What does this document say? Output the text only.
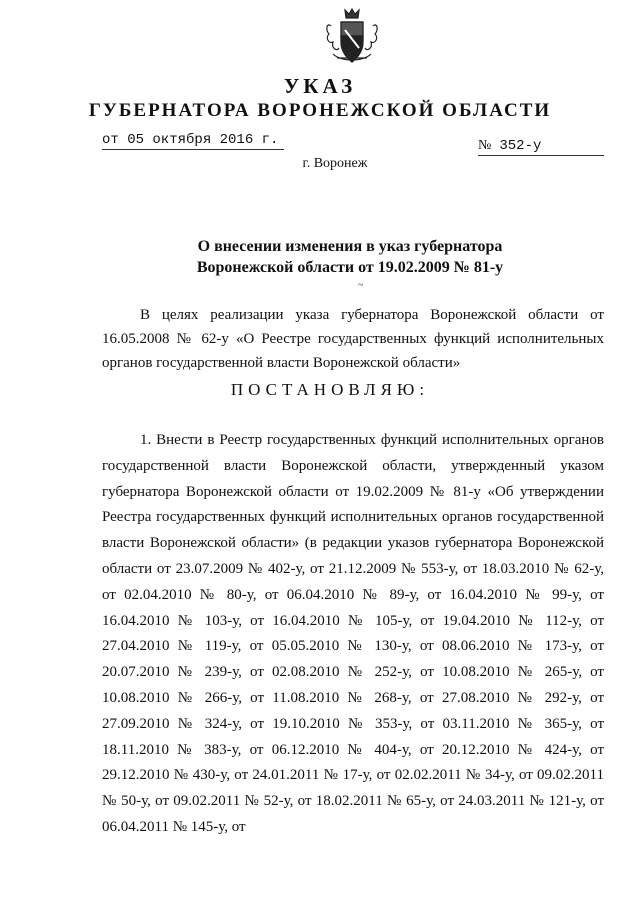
УКАЗ
ГУБЕРНАТОРА ВОРОНЕЖСКОЙ ОБЛАСТИ
от 05 октября 2016 г.	№ 352-у
г. Воронеж
О внесении изменения в указ губернатора
Воронежской области от 19.02.2009 № 81-у
~
В целях реализации указа губернатора Воронежской области от 16.05.2008 № 62-у «О Реестре государственных функций исполнительных органов государственной власти Воронежской области»
ПОСТАНОВЛЯЮ:

1. Внести в Реестр государственных функций исполнительных органов государственной власти Воронежской области, утвержденный указом губернатора Воронежской области от 19.02.2009 № 81-у «Об утверждении Реестра государственных функций исполнительных органов государственной власти Воронежской области» (в редакции указов губернатора Воронежской области от 23.07.2009 № 402-у, от 21.12.2009 № 553-у, от 18.03.2010 № 62-у, от 02.04.2010 № 80-у, от 06.04.2010 № 89-у, от 16.04.2010 № 99-у, от 16.04.2010 № 103-у, от 16.04.2010 № 105-у, от 19.04.2010 № 112-у, от 27.04.2010 № 119-у, от 05.05.2010 № 130-у, от 08.06.2010 № 173-у, от 20.07.2010 № 239-у, от 02.08.2010 № 252-у, от 10.08.2010 № 265-у, от 10.08.2010 № 266-у, от 11.08.2010 № 268-у, от 27.08.2010 № 292-у, от 27.09.2010 № 324-у, от 19.10.2010 № 353-у, от 03.11.2010 № 365-у, от 18.11.2010 № 383-у, от 06.12.2010 № 404-у, от 20.12.2010 № 424-у, от 29.12.2010 № 430-у, от 24.01.2011 № 17-у, от 02.02.2011 № 34-у, от 09.02.2011 № 50-у, от 09.02.2011 № 52-у, от 18.02.2011 № 65-у, от 24.03.2011 № 121-у, от 06.04.2011 № 145-у, от
